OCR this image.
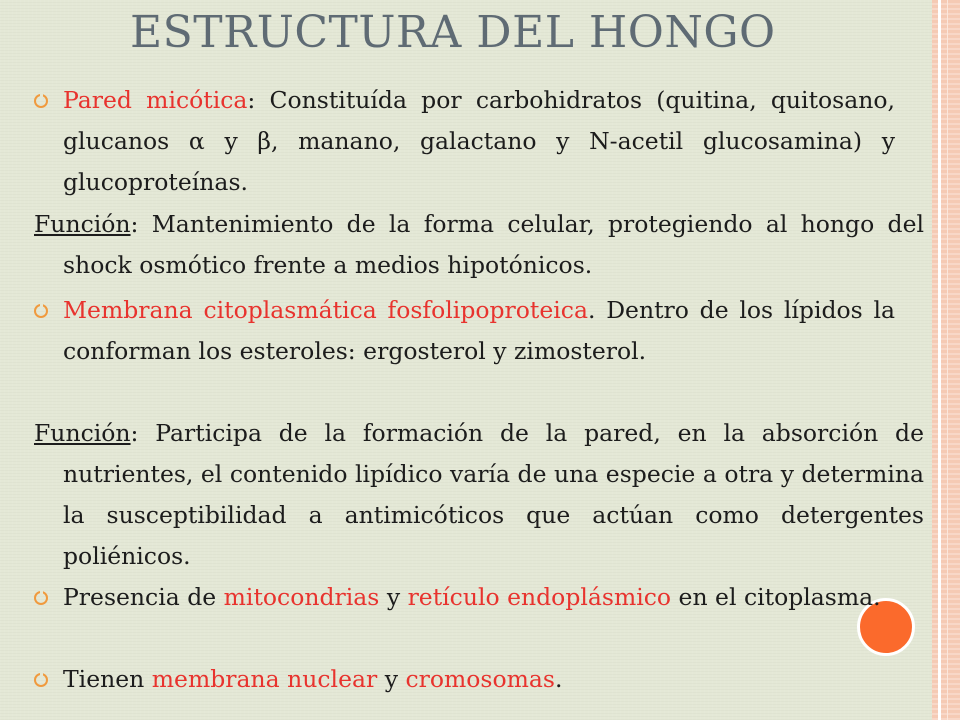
ESTRUCTURA DEL HONGO

Pared micótica: Constituída por carbohidratos (quitina, quitosano, glucanos α y β, manano, galactano y N-acetil glucosamina) y glucoproteínas.

Función: Mantenimiento de la forma celular, protegiendo al hongo del shock osmótico frente a medios hipotónicos.

Membrana citoplasmática fosfolipoproteica. Dentro de los lípidos la conforman los esteroles: ergosterol y zimosterol.

Función: Participa de la formación de la pared, en la absorción de nutrientes, el contenido lipídico varía de una especie a otra y determina la susceptibilidad a antimicóticos que actúan como detergentes poliénicos.

Presencia de mitocondrias y retículo endoplásmico en el citoplasma.

Tienen membrana nuclear y cromosomas.
